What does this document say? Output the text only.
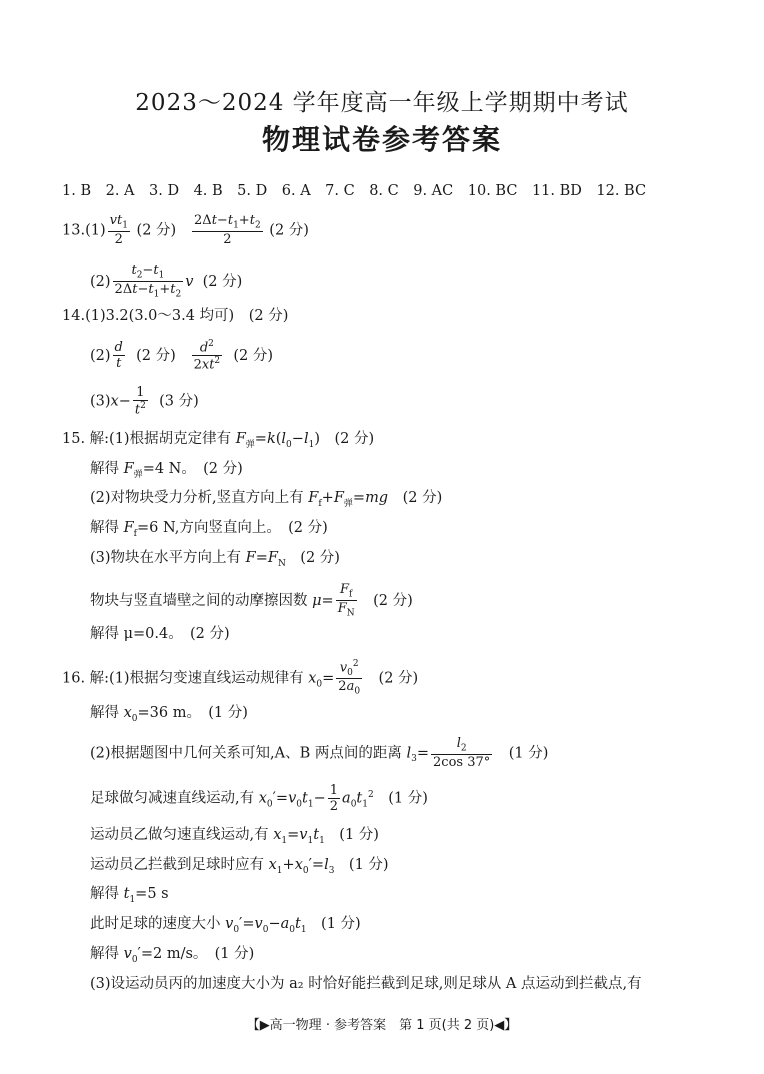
2023～2024 学年度高一年级上学期期中考试
物理试卷参考答案
1. B　2. A　3. D　4. B　5. D　6. A　7. C　8. C　9. AC　10. BC　11. BD　12. BC
$13.(1) \frac{vt_1}{2} (2$ 分) $\frac{2\Delta t-t_1+t_2}{2} (2$ 分)
$(2) \frac{t_2-t_1}{2\Delta t-t_1+t_2}$ v (2 分)
14.(1)3.2(3.0～3.4 均可)　(2 分)
$(2) \frac{d}{t} (2$ 分) $\frac{d^2}{2xt^2} (2$ 分)
$(3)x- \frac{1}{t^2} (3$ 分)
15. 解:(1)根据胡克定律有 $F_弹=k(l_0-l_1)$　(2 分)
解得 $F_弹=4$ N。　(2 分)
(2)对物块受力分析,竖直方向上有 $F_f+F_弹=mg$　(2 分)
解得 $F_f=6$ N,方向竖直向上。　(2 分)
(3)物块在水平方向上有 $F=F_N$　(2 分)
物块与竖直墙壁之间的动摩擦因数 $\mu= \frac{F_f}{F_N}$ 　(2 分)
解得 μ=0.4。　(2 分)
16. 解:(1)根据匀变速直线运动规律有 $x_0= \frac{v_0^2}{2a_0}$ 　(2 分)
解得 $x_0=36$ m。　(1 分)
(2)根据题图中几何关系可知,A、B 两点间的距离 $l_3= \frac{l_2}{2\cos 37^\circ}$ 　(1 分)
足球做匀减速直线运动,有 $x_0'=v_0t_1- \frac{1}{2} a_0t_1^2$　(1 分)
运动员乙做匀速直线运动,有 $x_1=v_1t_1$　(1 分)
运动员乙拦截到足球时应有 $x_1+x_0'=l_3$　(1 分)
解得 $t_1=5$ s
此时足球的速度大小 $v_0'=v_0-a_0t_1$　(1 分)
解得 $v_0'=2$ m/s。　(1 分)
(3)设运动员丙的加速度大小为 a₂ 时恰好能拦截到足球,则足球从 A 点运动到拦截点,有
【▶高一物理 · 参考答案　第 1 页(共 2 页)◀】
